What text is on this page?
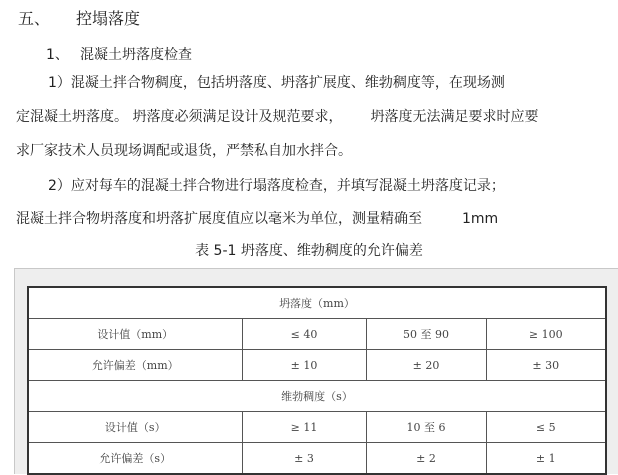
五、 控塌落度
1、 混凝土坍落度检查
1）混凝土拌合物稠度，包括坍落度、坍落扩展度、维勃稠度等，在现场测
定混凝土坍落度。 坍落度必须满足设计及规范要求， 坍落度无法满足要求时应要
求厂家技术人员现场调配或退货，严禁私自加水拌合。
2）应对每车的混凝土拌合物进行塌落度检查，并填写混凝土坍落度记录；
混凝土拌合物坍落度和坍落扩展度值应以毫米为单位，测量精确至	1mm
表 5-1 坍落度、维勃稠度的允许偏差
坍落度（mm）			
设计值（mm）	≤ 40	50 至 90	≥ 100
允许偏差（mm）	± 10	± 20	± 30
维勃稠度（s）			
设计值（s）	≥ 11	10 至 6	≤ 5
允许偏差（s）	± 3	± 2	± 1
